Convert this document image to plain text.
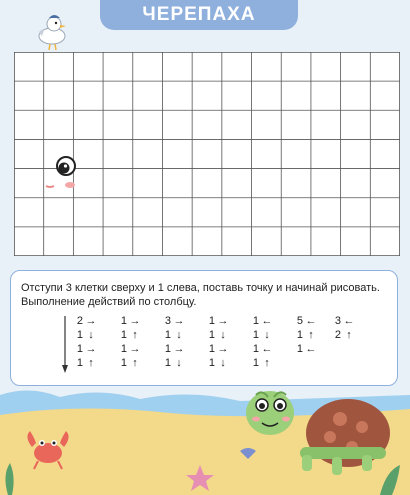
ЧЕРЕПАХА
Отступи 3 клетки сверху и 1 слева, поставь точку и начинай рисовать.
Выполнение действий по столбцу.
2 →
1 ↓
1 →
1 ↑
1 →
1 ↑
1 →
1 ↑
3 →
1 ↓
1 →
1 ↓
1 →
1 ↓
1 →
1 ↓
1 ←
1 ↓
1 ←
1 ↑
5 ←
1 ↑
1 ←
3 ←
2 ↑
